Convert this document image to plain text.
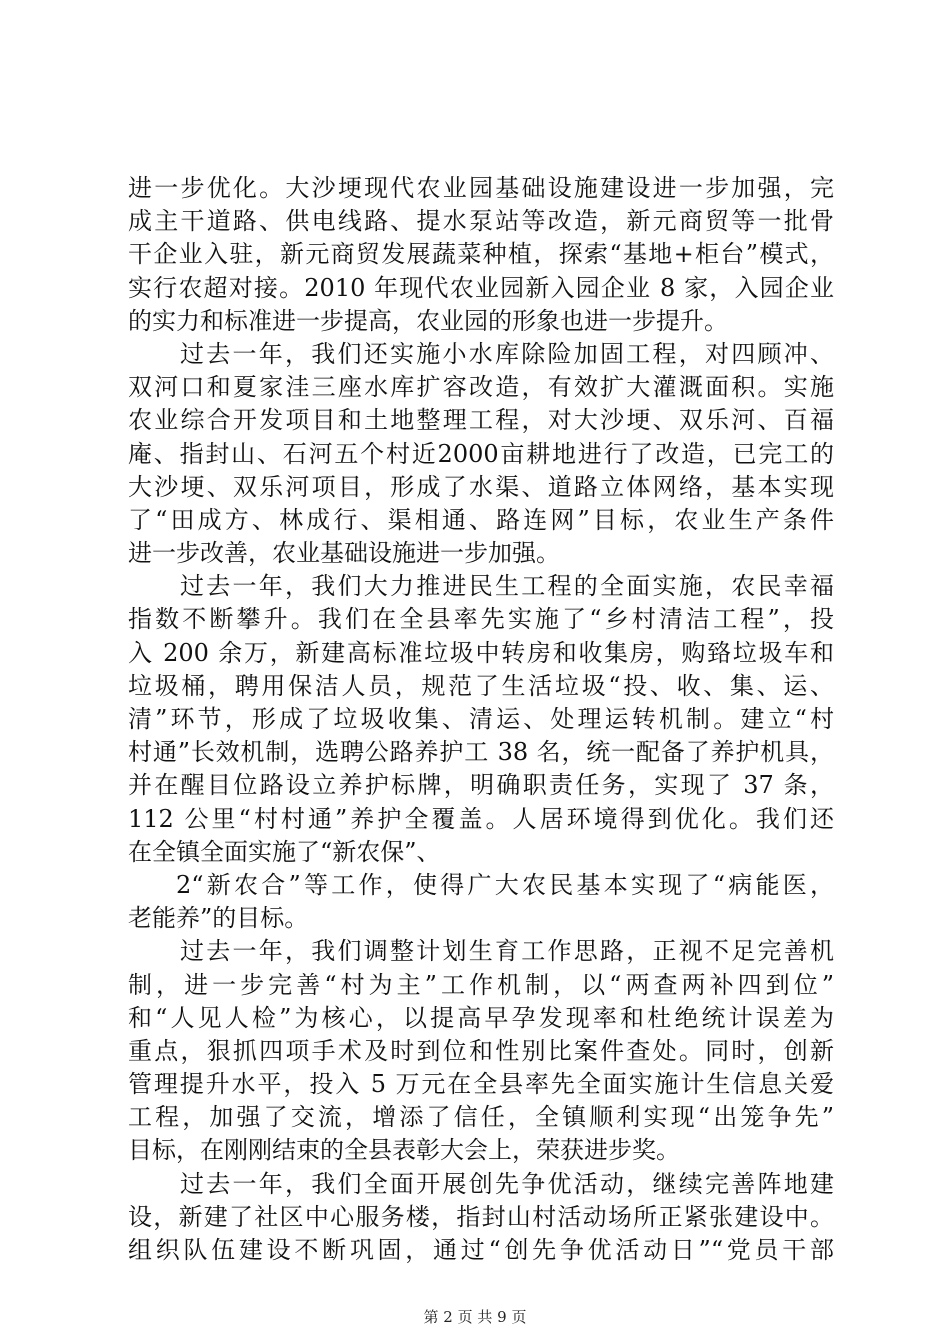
进一步优化。大沙埂现代农业园基础设施建设进一步加强，完
成主干道路、供电线路、提水泵站等改造，新元商贸等一批骨
干企业入驻，新元商贸发展蔬菜种植，探索“基地+柜台”模式，
实行农超对接。2010 年现代农业园新入园企业 8 家，入园企业
的实力和标准进一步提高，农业园的形象也进一步提升。
过去一年，我们还实施小水库除险加固工程，对四顾冲、
双河口和夏家洼三座水库扩容改造，有效扩大灌溉面积。实施
农业综合开发项目和土地整理工程，对大沙埂、双乐河、百福
庵、指封山、石河五个村近2000亩耕地进行了改造，已完工的
大沙埂、双乐河项目，形成了水渠、道路立体网络，基本实现
了“田成方、林成行、渠相通、路连网”目标，农业生产条件
进一步改善，农业基础设施进一步加强。
过去一年，我们大力推进民生工程的全面实施，农民幸福
指数不断攀升。我们在全县率先实施了“乡村清洁工程”，投
入 200 余万，新建高标准垃圾中转房和收集房，购臵垃圾车和
垃圾桶，聘用保洁人员，规范了生活垃圾“投、收、集、运、
清”环节，形成了垃圾收集、清运、处理运转机制。建立“村
村通”长效机制，选聘公路养护工 38 名，统一配备了养护机具，
并在醒目位路设立养护标牌，明确职责任务，实现了 37 条，
112 公里“村村通”养护全覆盖。人居环境得到优化。我们还
在全镇全面实施了“新农保”、
2“新农合”等工作，使得广大农民基本实现了“病能医，
老能养”的目标。
过去一年，我们调整计划生育工作思路，正视不足完善机
制，进一步完善“村为主”工作机制，以“两查两补四到位”
和“人见人检”为核心，以提高早孕发现率和杜绝统计误差为
重点，狠抓四项手术及时到位和性别比案件查处。同时，创新
管理提升水平，投入 5 万元在全县率先全面实施计生信息关爱
工程，加强了交流，增添了信任，全镇顺利实现“出笼争先”
目标，在刚刚结束的全县表彰大会上，荣获进步奖。
过去一年，我们全面开展创先争优活动，继续完善阵地建
设，新建了社区中心服务楼，指封山村活动场所正紧张建设中。
组织队伍建设不断巩固，通过“创先争优活动日”“党员干部
第 2 页 共 9 页
